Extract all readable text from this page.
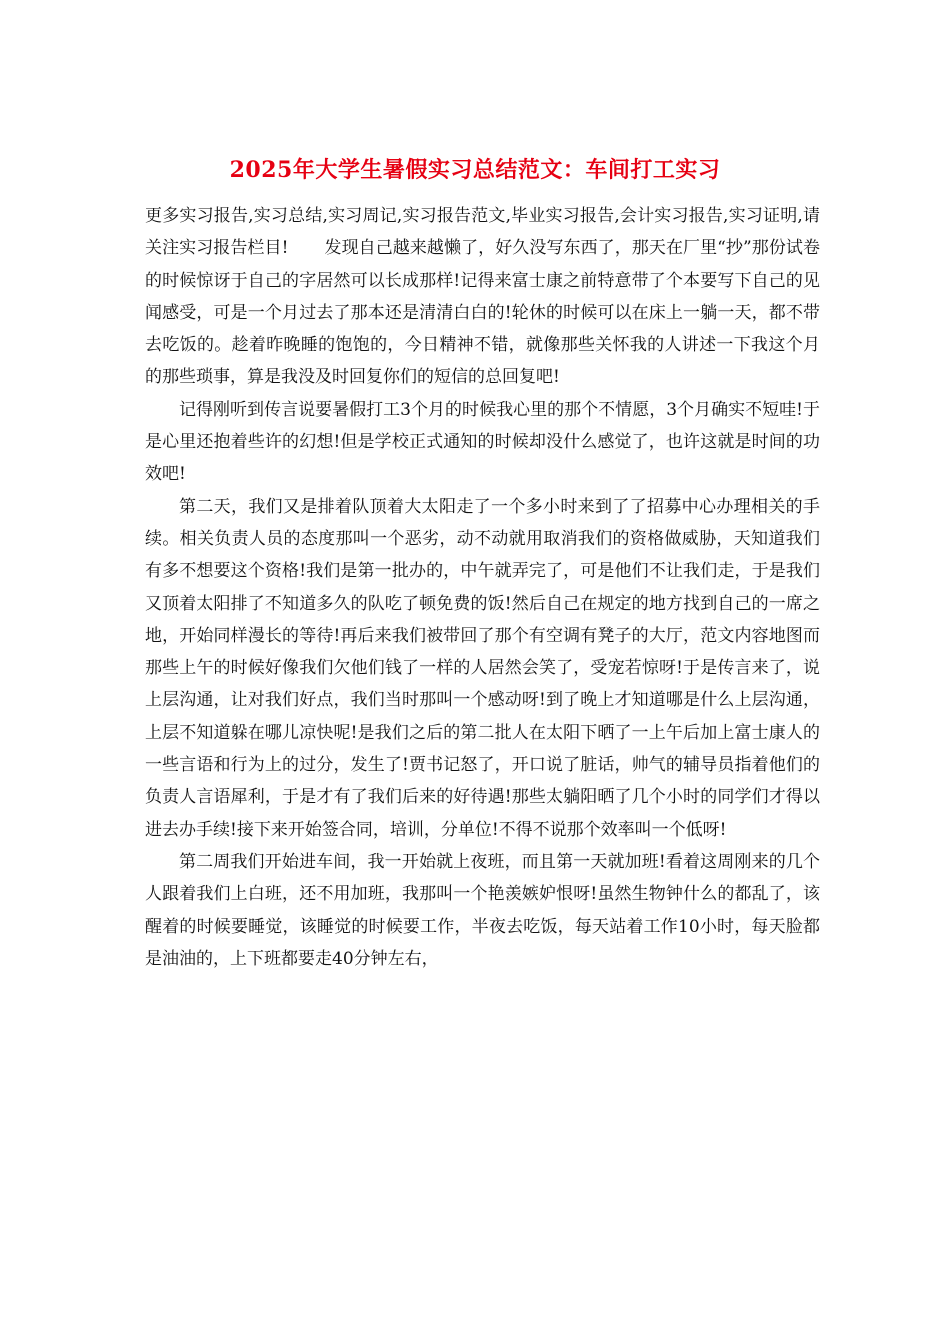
2025年大学生暑假实习总结范文：车间打工实习

更多实习报告,实习总结,实习周记,实习报告范文,毕业实习报告,会计实习报告,实习证明,请关注实习报告栏目! 发现自己越来越懒了，好久没写东西了，那天在厂里“抄”那份试卷的时候惊讶于自己的字居然可以长成那样!记得来富士康之前特意带了个本要写下自己的见闻感受，可是一个月过去了那本还是清清白白的!轮休的时候可以在床上一躺一天，都不带去吃饭的。趁着昨晚睡的饱饱的，今日精神不错，就像那些关怀我的人讲述一下我这个月的那些琐事，算是我没及时回复你们的短信的总回复吧!

记得刚听到传言说要暑假打工3个月的时候我心里的那个不情愿，3个月确实不短哇!于是心里还抱着些许的幻想!但是学校正式通知的时候却没什么感觉了，也许这就是时间的功效吧!

第二天，我们又是排着队顶着大太阳走了一个多小时来到了了招募中心办理相关的手续。相关负责人员的态度那叫一个恶劣，动不动就用取消我们的资格做威胁，天知道我们有多不想要这个资格!我们是第一批办的，中午就弄完了，可是他们不让我们走，于是我们又顶着太阳排了不知道多久的队吃了顿免费的饭!然后自己在规定的地方找到自己的一席之地，开始同样漫长的等待!再后来我们被带回了那个有空调有凳子的大厅，范文内容地图而那些上午的时候好像我们欠他们钱了一样的人居然会笑了，受宠若惊呀!于是传言来了，说上层沟通，让对我们好点，我们当时那叫一个感动呀!到了晚上才知道哪是什么上层沟通，上层不知道躲在哪儿凉快呢!是我们之后的第二批人在太阳下晒了一上午后加上富士康人的一些言语和行为上的过分，发生了!贾书记怒了，开口说了脏话，帅气的辅导员指着他们的负责人言语犀利，于是才有了我们后来的好待遇!那些太躺阳晒了几个小时的同学们才得以进去办手续!接下来开始签合同，培训，分单位!不得不说那个效率叫一个低呀!

第二周我们开始进车间，我一开始就上夜班，而且第一天就加班!看着这周刚来的几个人跟着我们上白班，还不用加班，我那叫一个艳羡嫉妒恨呀!虽然生物钟什么的都乱了，该醒着的时候要睡觉，该睡觉的时候要工作，半夜去吃饭，每天站着工作10小时，每天脸都是油油的，上下班都要走40分钟左右，
